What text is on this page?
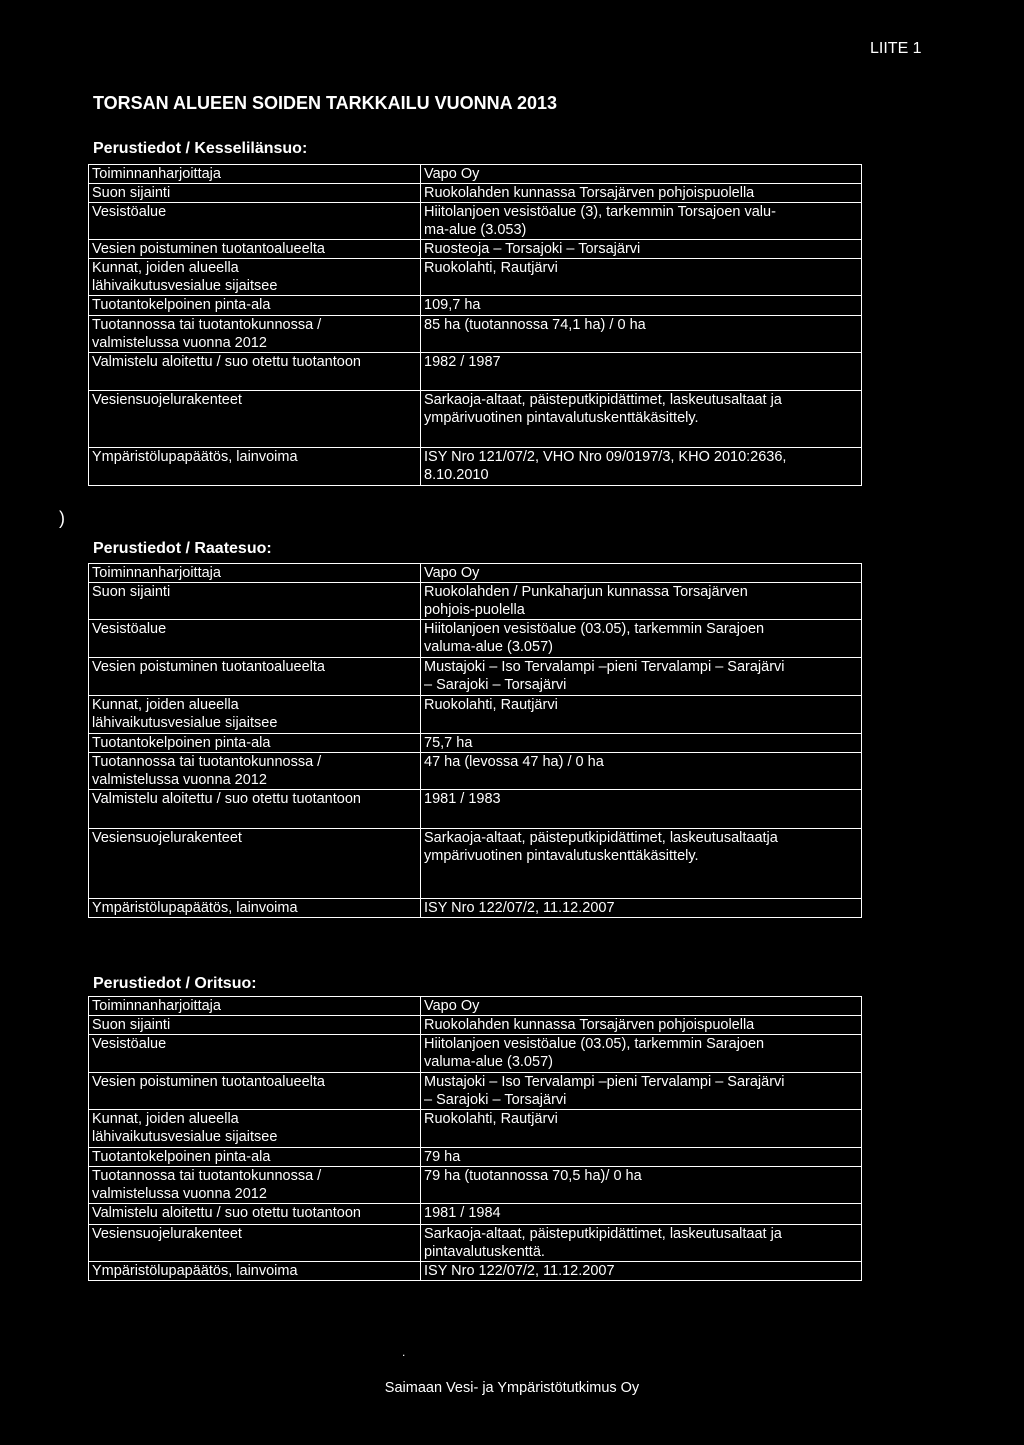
LIITE 1
TORSAN ALUEEN SOIDEN TARKKAILU VUONNA 2013
Perustiedot / Kesselilänsuo:
Toiminnanharjoittaja	Vapo Oy
Suon sijainti	Ruokolahden kunnassa Torsajärven pohjoispuolella
Vesistöalue	Hiitolanjoen vesistöalue (3), tarkemmin Torsajoen valu-
ma-alue (3.053)
Vesien poistuminen tuotantoalueelta	Ruosteoja – Torsajoki – Torsajärvi
Kunnat, joiden alueella
lähivaikutusvesialue sijaitsee	Ruokolahti, Rautjärvi
Tuotantokelpoinen pinta-ala	109,7 ha
Tuotannossa tai tuotantokunnossa /
valmistelussa vuonna 2012	85 ha (tuotannossa 74,1 ha) / 0 ha
Valmistelu aloitettu / suo otettu tuotantoon	1982 / 1987
Vesiensuojelurakenteet	Sarkaoja-altaat, päisteputkipidättimet, laskeutusaltaat ja
ympärivuotinen pintavalutuskenttäkäsittely.
Ympäristölupapäätös, lainvoima	ISY Nro 121/07/2, VHO Nro 09/0197/3, KHO 2010:2636,
8.10.2010
)
Perustiedot / Raatesuo:
Toiminnanharjoittaja	Vapo Oy
Suon sijainti	Ruokolahden / Punkaharjun kunnassa Torsajärven
pohjois-puolella
Vesistöalue	Hiitolanjoen vesistöalue (03.05), tarkemmin Sarajoen
valuma-alue (3.057)
Vesien poistuminen tuotantoalueelta	Mustajoki – Iso Tervalampi –pieni Tervalampi – Sarajärvi
– Sarajoki – Torsajärvi
Kunnat, joiden alueella
lähivaikutusvesialue sijaitsee	Ruokolahti, Rautjärvi
Tuotantokelpoinen pinta-ala	75,7 ha
Tuotannossa tai tuotantokunnossa /
valmistelussa vuonna 2012	47 ha (levossa 47 ha) / 0 ha
Valmistelu aloitettu / suo otettu tuotantoon	1981 / 1983
Vesiensuojelurakenteet	Sarkaoja-altaat, päisteputkipidättimet, laskeutusaltaatja
ympärivuotinen pintavalutuskenttäkäsittely.
Ympäristölupapäätös, lainvoima	ISY Nro 122/07/2, 11.12.2007
Perustiedot / Oritsuo:
Toiminnanharjoittaja	Vapo Oy
Suon sijainti	Ruokolahden kunnassa Torsajärven pohjoispuolella
Vesistöalue	Hiitolanjoen vesistöalue (03.05), tarkemmin Sarajoen
valuma-alue (3.057)
Vesien poistuminen tuotantoalueelta	Mustajoki – Iso Tervalampi –pieni Tervalampi – Sarajärvi
– Sarajoki – Torsajärvi
Kunnat, joiden alueella
lähivaikutusvesialue sijaitsee	Ruokolahti, Rautjärvi
Tuotantokelpoinen pinta-ala	79 ha
Tuotannossa tai tuotantokunnossa /
valmistelussa vuonna 2012	79 ha (tuotannossa 70,5 ha)/ 0 ha
Valmistelu aloitettu / suo otettu tuotantoon	1981 / 1984
Vesiensuojelurakenteet	Sarkaoja-altaat, päisteputkipidättimet, laskeutusaltaat ja
pintavalutuskenttä.
Ympäristölupapäätös, lainvoima	ISY Nro 122/07/2, 11.12.2007
.
Saimaan Vesi- ja Ympäristötutkimus Oy
